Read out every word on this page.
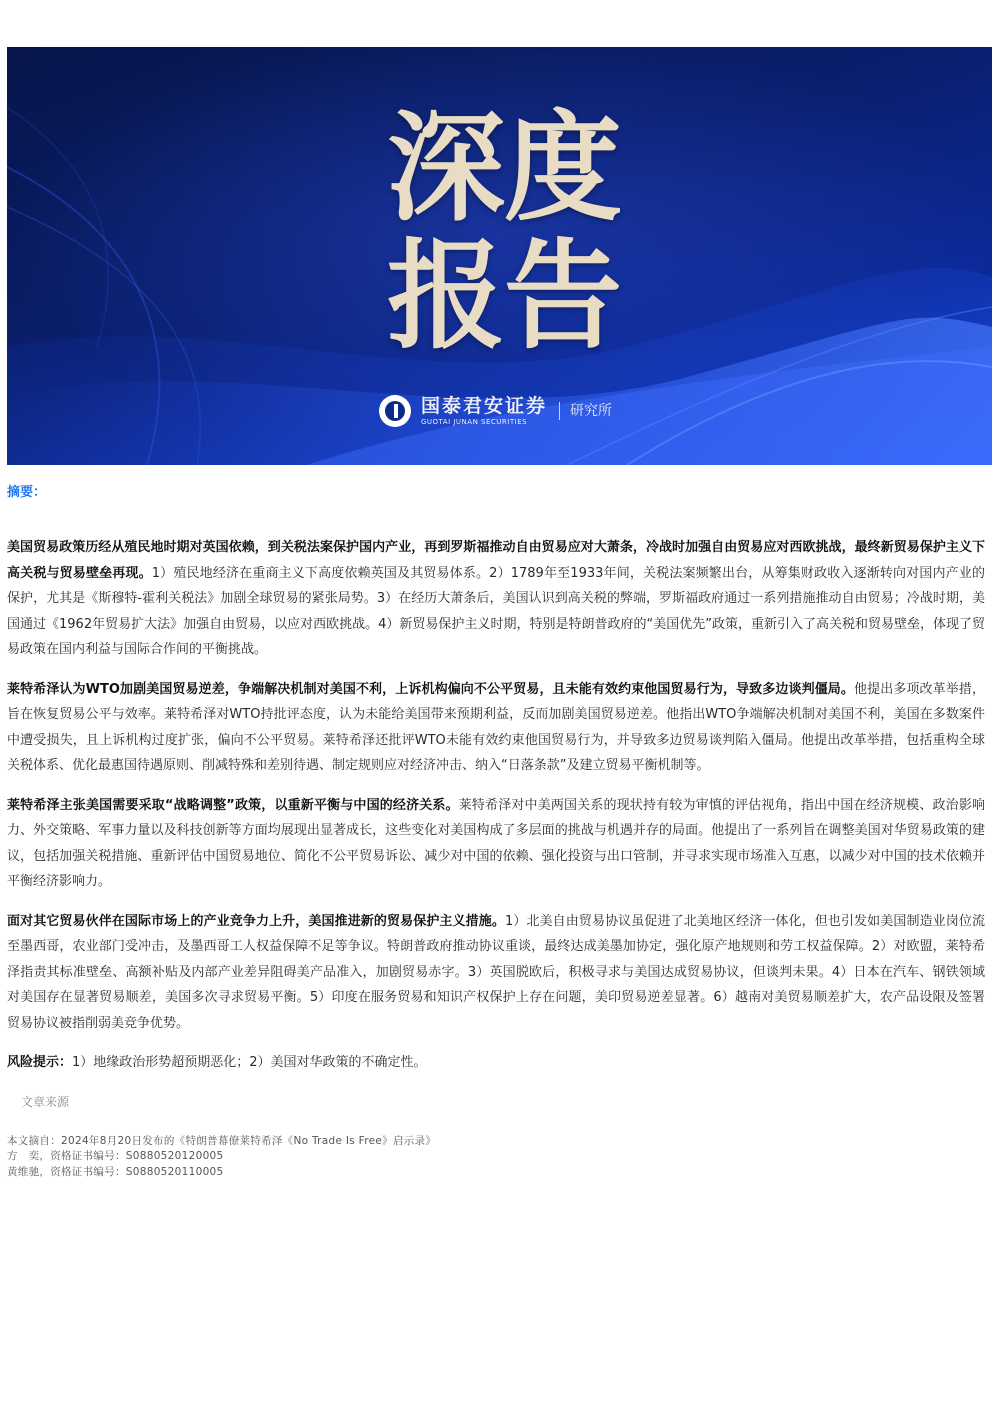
深
度
报
告
国泰君安证券
GUOTAI JUNAN SECURITIES
研究所
摘要：

美国贸易政策历经从殖民地时期对英国依赖，到关税法案保护国内产业，再到罗斯福推动自由贸易应对大萧条，冷战时加强自由贸易应对西欧挑战，最终新贸易保护主义下高关税与贸易壁垒再现。1）殖民地经济在重商主义下高度依赖英国及其贸易体系。2）1789年至1933年间，关税法案频繁出台，从筹集财政收入逐渐转向对国内产业的保护，尤其是《斯穆特-霍利关税法》加剧全球贸易的紧张局势。3）在经历大萧条后，美国认识到高关税的弊端，罗斯福政府通过一系列措施推动自由贸易；冷战时期，美国通过《1962年贸易扩大法》加强自由贸易，以应对西欧挑战。4）新贸易保护主义时期，特别是特朗普政府的“美国优先”政策，重新引入了高关税和贸易壁垒，体现了贸易政策在国内利益与国际合作间的平衡挑战。

莱特希泽认为WTO加剧美国贸易逆差，争端解决机制对美国不利，上诉机构偏向不公平贸易，且未能有效约束他国贸易行为，导致多边谈判僵局。他提出多项改革举措，旨在恢复贸易公平与效率。莱特希泽对WTO持批评态度，认为未能给美国带来预期利益，反而加剧美国贸易逆差。他指出WTO争端解决机制对美国不利，美国在多数案件中遭受损失，且上诉机构过度扩张，偏向不公平贸易。莱特希泽还批评WTO未能有效约束他国贸易行为，并导致多边贸易谈判陷入僵局。他提出改革举措，包括重构全球关税体系、优化最惠国待遇原则、削减特殊和差别待遇、制定规则应对经济冲击、纳入“日落条款”及建立贸易平衡机制等。

莱特希泽主张美国需要采取“战略调整”政策，以重新平衡与中国的经济关系。莱特希泽对中美两国关系的现状持有较为审慎的评估视角，指出中国在经济规模、政治影响力、外交策略、军事力量以及科技创新等方面均展现出显著成长，这些变化对美国构成了多层面的挑战与机遇并存的局面。他提出了一系列旨在调整美国对华贸易政策的建议，包括加强关税措施、重新评估中国贸易地位、简化不公平贸易诉讼、减少对中国的依赖、强化投资与出口管制，并寻求实现市场准入互惠，以减少对中国的技术依赖并平衡经济影响力。

面对其它贸易伙伴在国际市场上的产业竞争力上升，美国推进新的贸易保护主义措施。1）北美自由贸易协议虽促进了北美地区经济一体化，但也引发如美国制造业岗位流至墨西哥，农业部门受冲击，及墨西哥工人权益保障不足等争议。特朗普政府推动协议重谈，最终达成美墨加协定，强化原产地规则和劳工权益保障。2）对欧盟，莱特希泽指责其标准壁垒、高额补贴及内部产业差异阻碍美产品准入，加剧贸易赤字。3）英国脱欧后，积极寻求与美国达成贸易协议，但谈判未果。4）日本在汽车、钢铁领域对美国存在显著贸易顺差，美国多次寻求贸易平衡。5）印度在服务贸易和知识产权保护上存在问题，美印贸易逆差显著。6）越南对美贸易顺差扩大，农产品设限及签署贸易协议被指削弱美竞争优势。

风险提示：1）地缘政治形势超预期恶化；2）美国对华政策的不确定性。

文章来源
本文摘自：2024年8月20日发布的《特朗普幕僚莱特希泽《No Trade Is Free》启示录》
方　奕，资格证书编号：S0880520120005
黄维驰，资格证书编号：S0880520110005
